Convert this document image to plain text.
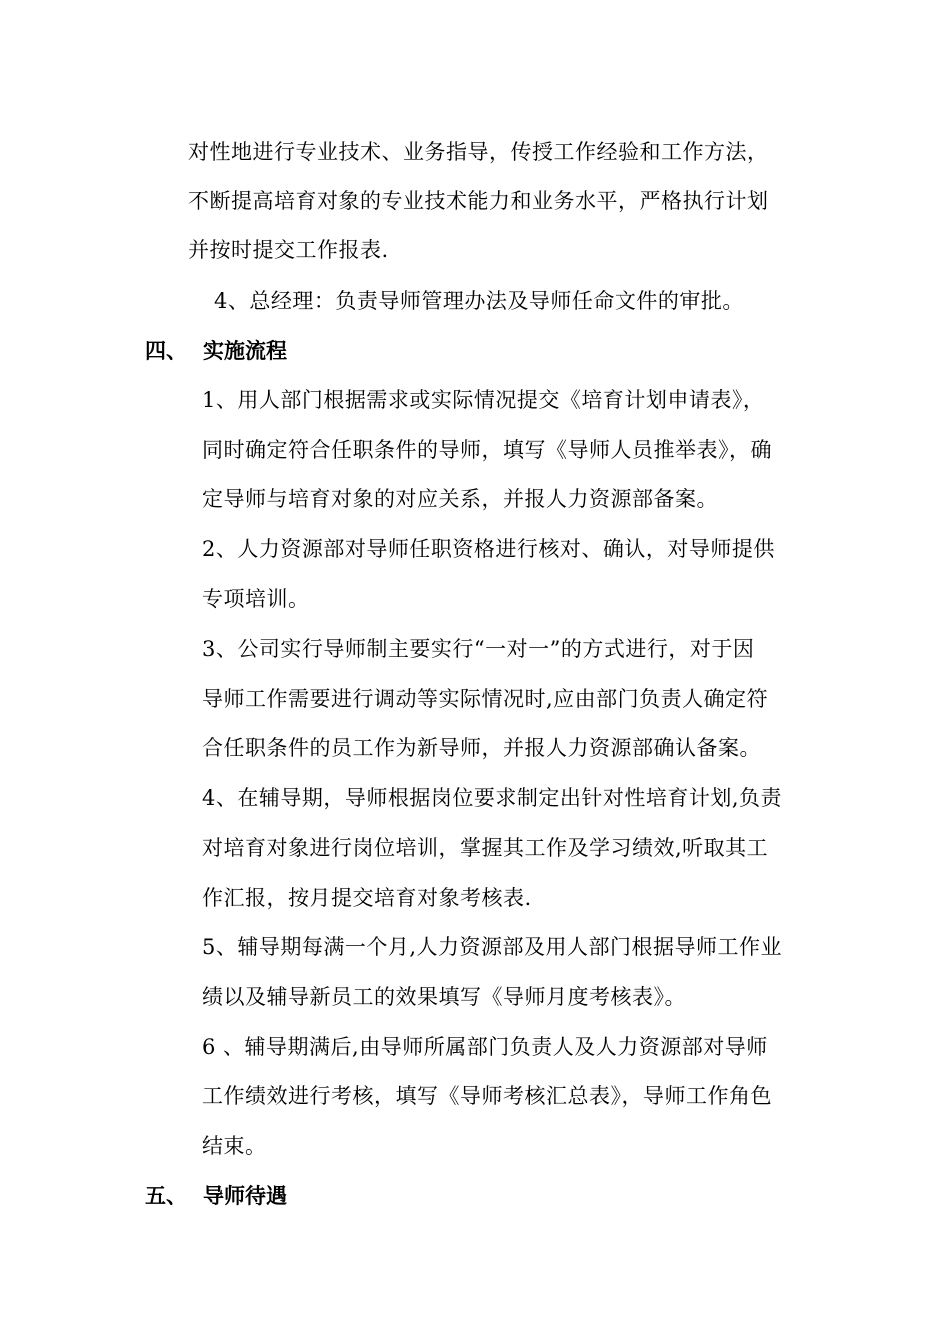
对性地进行专业技术、业务指导，传授工作经验和工作方法，
不断提高培育对象的专业技术能力和业务水平，严格执行计划
并按时提交工作报表.
4、总经理：负责导师管理办法及导师任命文件的审批。
四、 实施流程
1、用人部门根据需求或实际情况提交《培育计划申请表》，
同时确定符合任职条件的导师，填写《导师人员推举表》，确
定导师与培育对象的对应关系，并报人力资源部备案。
2、人力资源部对导师任职资格进行核对、确认，对导师提供
专项培训。
3、公司实行导师制主要实行“一对一”的方式进行，对于因
导师工作需要进行调动等实际情况时,应由部门负责人确定符
合任职条件的员工作为新导师，并报人力资源部确认备案。
4、在辅导期，导师根据岗位要求制定出针对性培育计划,负责
对培育对象进行岗位培训，掌握其工作及学习绩效,听取其工
作汇报，按月提交培育对象考核表.
5、辅导期每满一个月,人力资源部及用人部门根据导师工作业
绩以及辅导新员工的效果填写《导师月度考核表》。
6 、辅导期满后,由导师所属部门负责人及人力资源部对导师
工作绩效进行考核，填写《导师考核汇总表》，导师工作角色
结束。
五、 导师待遇
